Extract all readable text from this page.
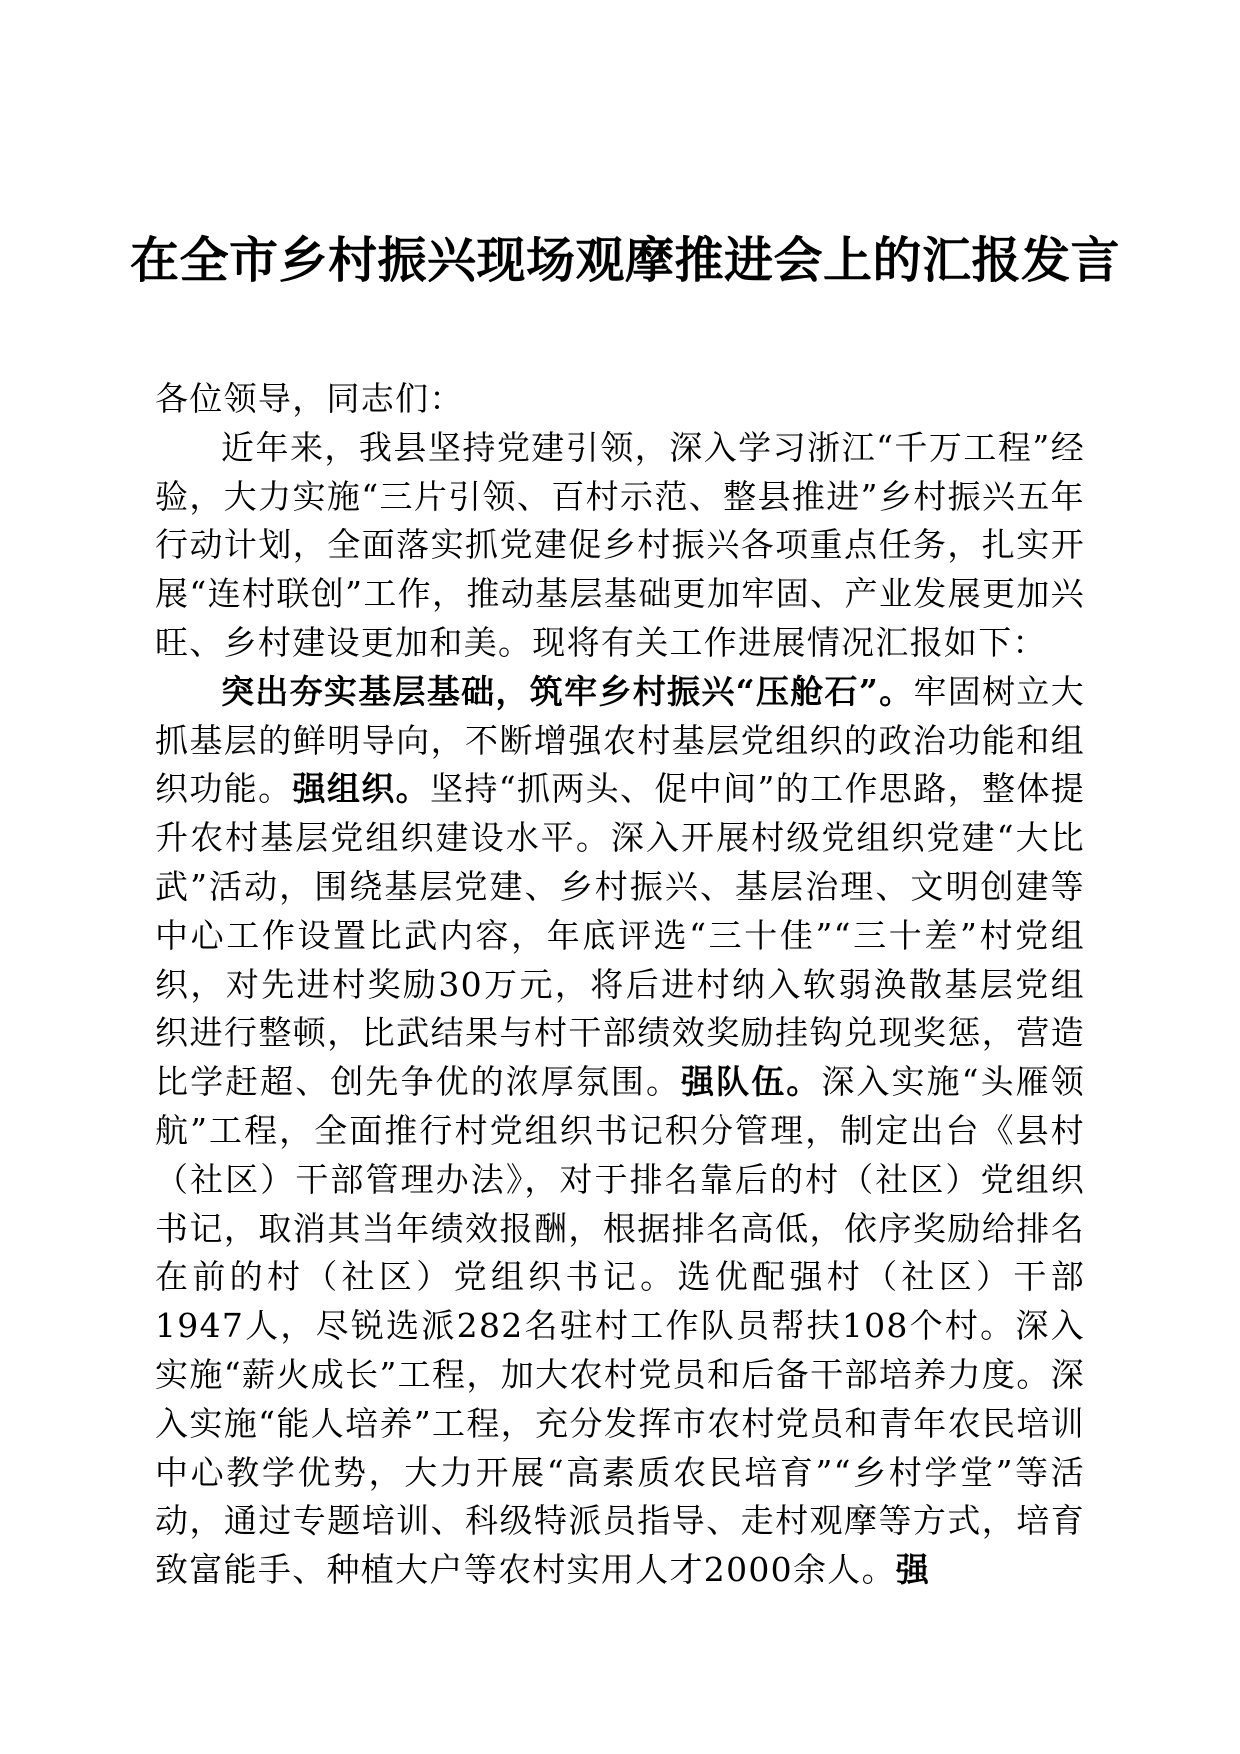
在全市乡村振兴现场观摩推进会上的汇报发言

各位领导，同志们：

近年来，我县坚持党建引领，深入学习浙江“千万工程”经验，大力实施“三片引领、百村示范、整县推进”乡村振兴五年行动计划，全面落实抓党建促乡村振兴各项重点任务，扎实开展“连村联创”工作，推动基层基础更加牢固、产业发展更加兴旺、乡村建设更加和美。现将有关工作进展情况汇报如下：

突出夯实基层基础，筑牢乡村振兴“压舱石”。牢固树立大抓基层的鲜明导向，不断增强农村基层党组织的政治功能和组织功能。强组织。坚持“抓两头、促中间”的工作思路，整体提升农村基层党组织建设水平。深入开展村级党组织党建“大比武”活动，围绕基层党建、乡村振兴、基层治理、文明创建等中心工作设置比武内容，年底评选“三十佳”“三十差”村党组织，对先进村奖励30万元，将后进村纳入软弱涣散基层党组织进行整顿，比武结果与村干部绩效奖励挂钩兑现奖惩，营造比学赶超、创先争优的浓厚氛围。强队伍。深入实施“头雁领航”工程，全面推行村党组织书记积分管理，制定出台《县村（社区）干部管理办法》，对于排名靠后的村（社区）党组织书记，取消其当年绩效报酬，根据排名高低，依序奖励给排名在前的村（社区）党组织书记。选优配强村（社区）干部1947人，尽锐选派282名驻村工作队员帮扶108个村。深入实施“薪火成长”工程，加大农村党员和后备干部培养力度。深入实施“能人培养”工程，充分发挥市农村党员和青年农民培训中心教学优势，大力开展“高素质农民培育”“乡村学堂”等活动，通过专题培训、科级特派员指导、走村观摩等方式，培育致富能手、种植大户等农村实用人才2000余人。强
